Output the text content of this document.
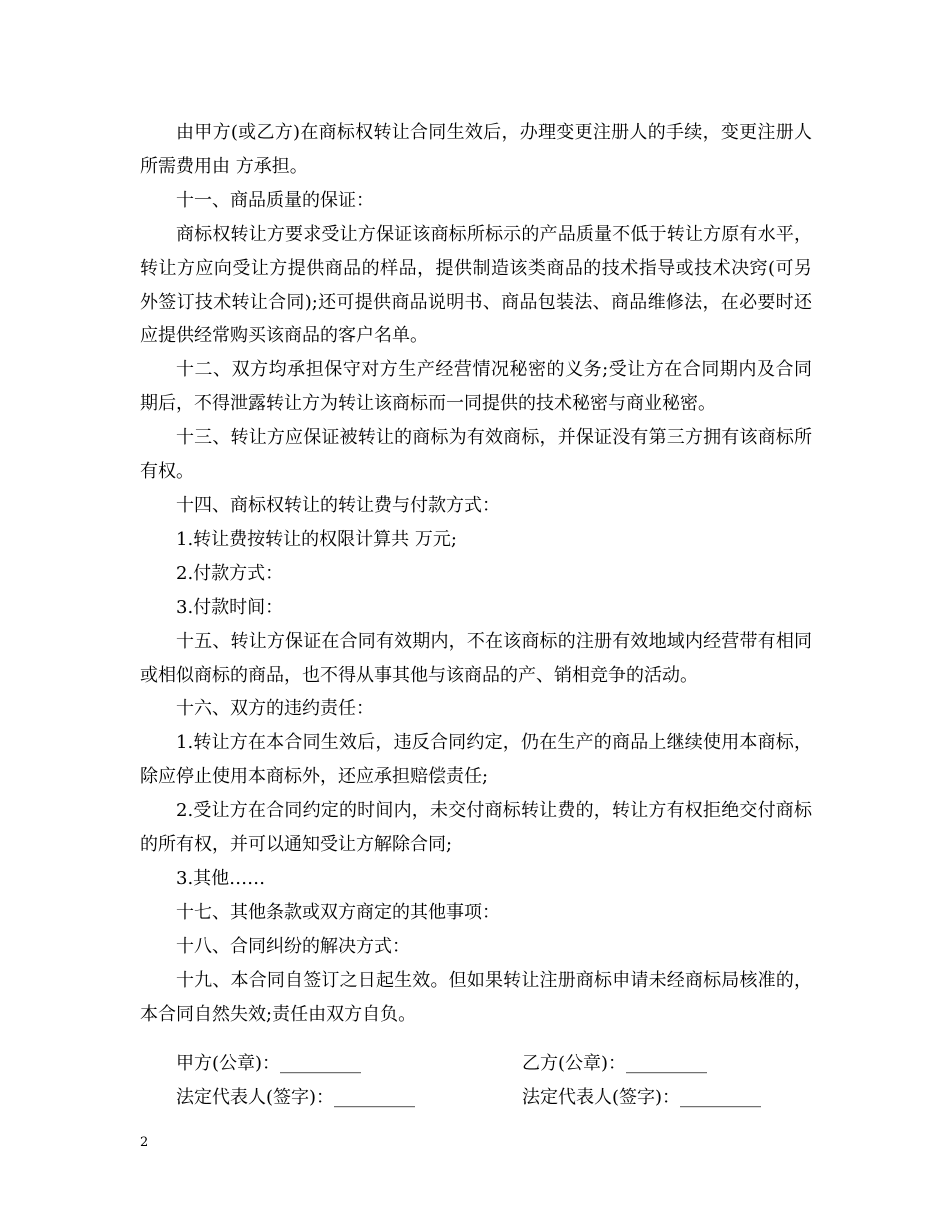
由甲方(或乙方)在商标权转让合同生效后，办理变更注册人的手续，变更注册人所需费用由 方承担。

十一、商品质量的保证：

商标权转让方要求受让方保证该商标所标示的产品质量不低于转让方原有水平，转让方应向受让方提供商品的样品，提供制造该类商品的技术指导或技术决窍(可另外签订技术转让合同);还可提供商品说明书、商品包装法、商品维修法，在必要时还应提供经常购买该商品的客户名单。

十二、双方均承担保守对方生产经营情况秘密的义务;受让方在合同期内及合同期后，不得泄露转让方为转让该商标而一同提供的技术秘密与商业秘密。

十三、转让方应保证被转让的商标为有效商标，并保证没有第三方拥有该商标所有权。

十四、商标权转让的转让费与付款方式：

1.转让费按转让的权限计算共 万元;

2.付款方式：

3.付款时间：

十五、转让方保证在合同有效期内，不在该商标的注册有效地域内经营带有相同或相似商标的商品，也不得从事其他与该商品的产、销相竞争的活动。

十六、双方的违约责任：

1.转让方在本合同生效后，违反合同约定，仍在生产的商品上继续使用本商标，除应停止使用本商标外，还应承担赔偿责任;

2.受让方在合同约定的时间内，未交付商标转让费的，转让方有权拒绝交付商标的所有权，并可以通知受让方解除合同;

3.其他……

十七、其他条款或双方商定的其他事项：

十八、合同纠纷的解决方式：

十九、本合同自签订之日起生效。但如果转让注册商标申请未经商标局核准的，本合同自然失效;责任由双方自负。

甲方(公章)：_________	乙方(公章)：_________
法定代表人(签字)：_________	法定代表人(签字)：_________
2
